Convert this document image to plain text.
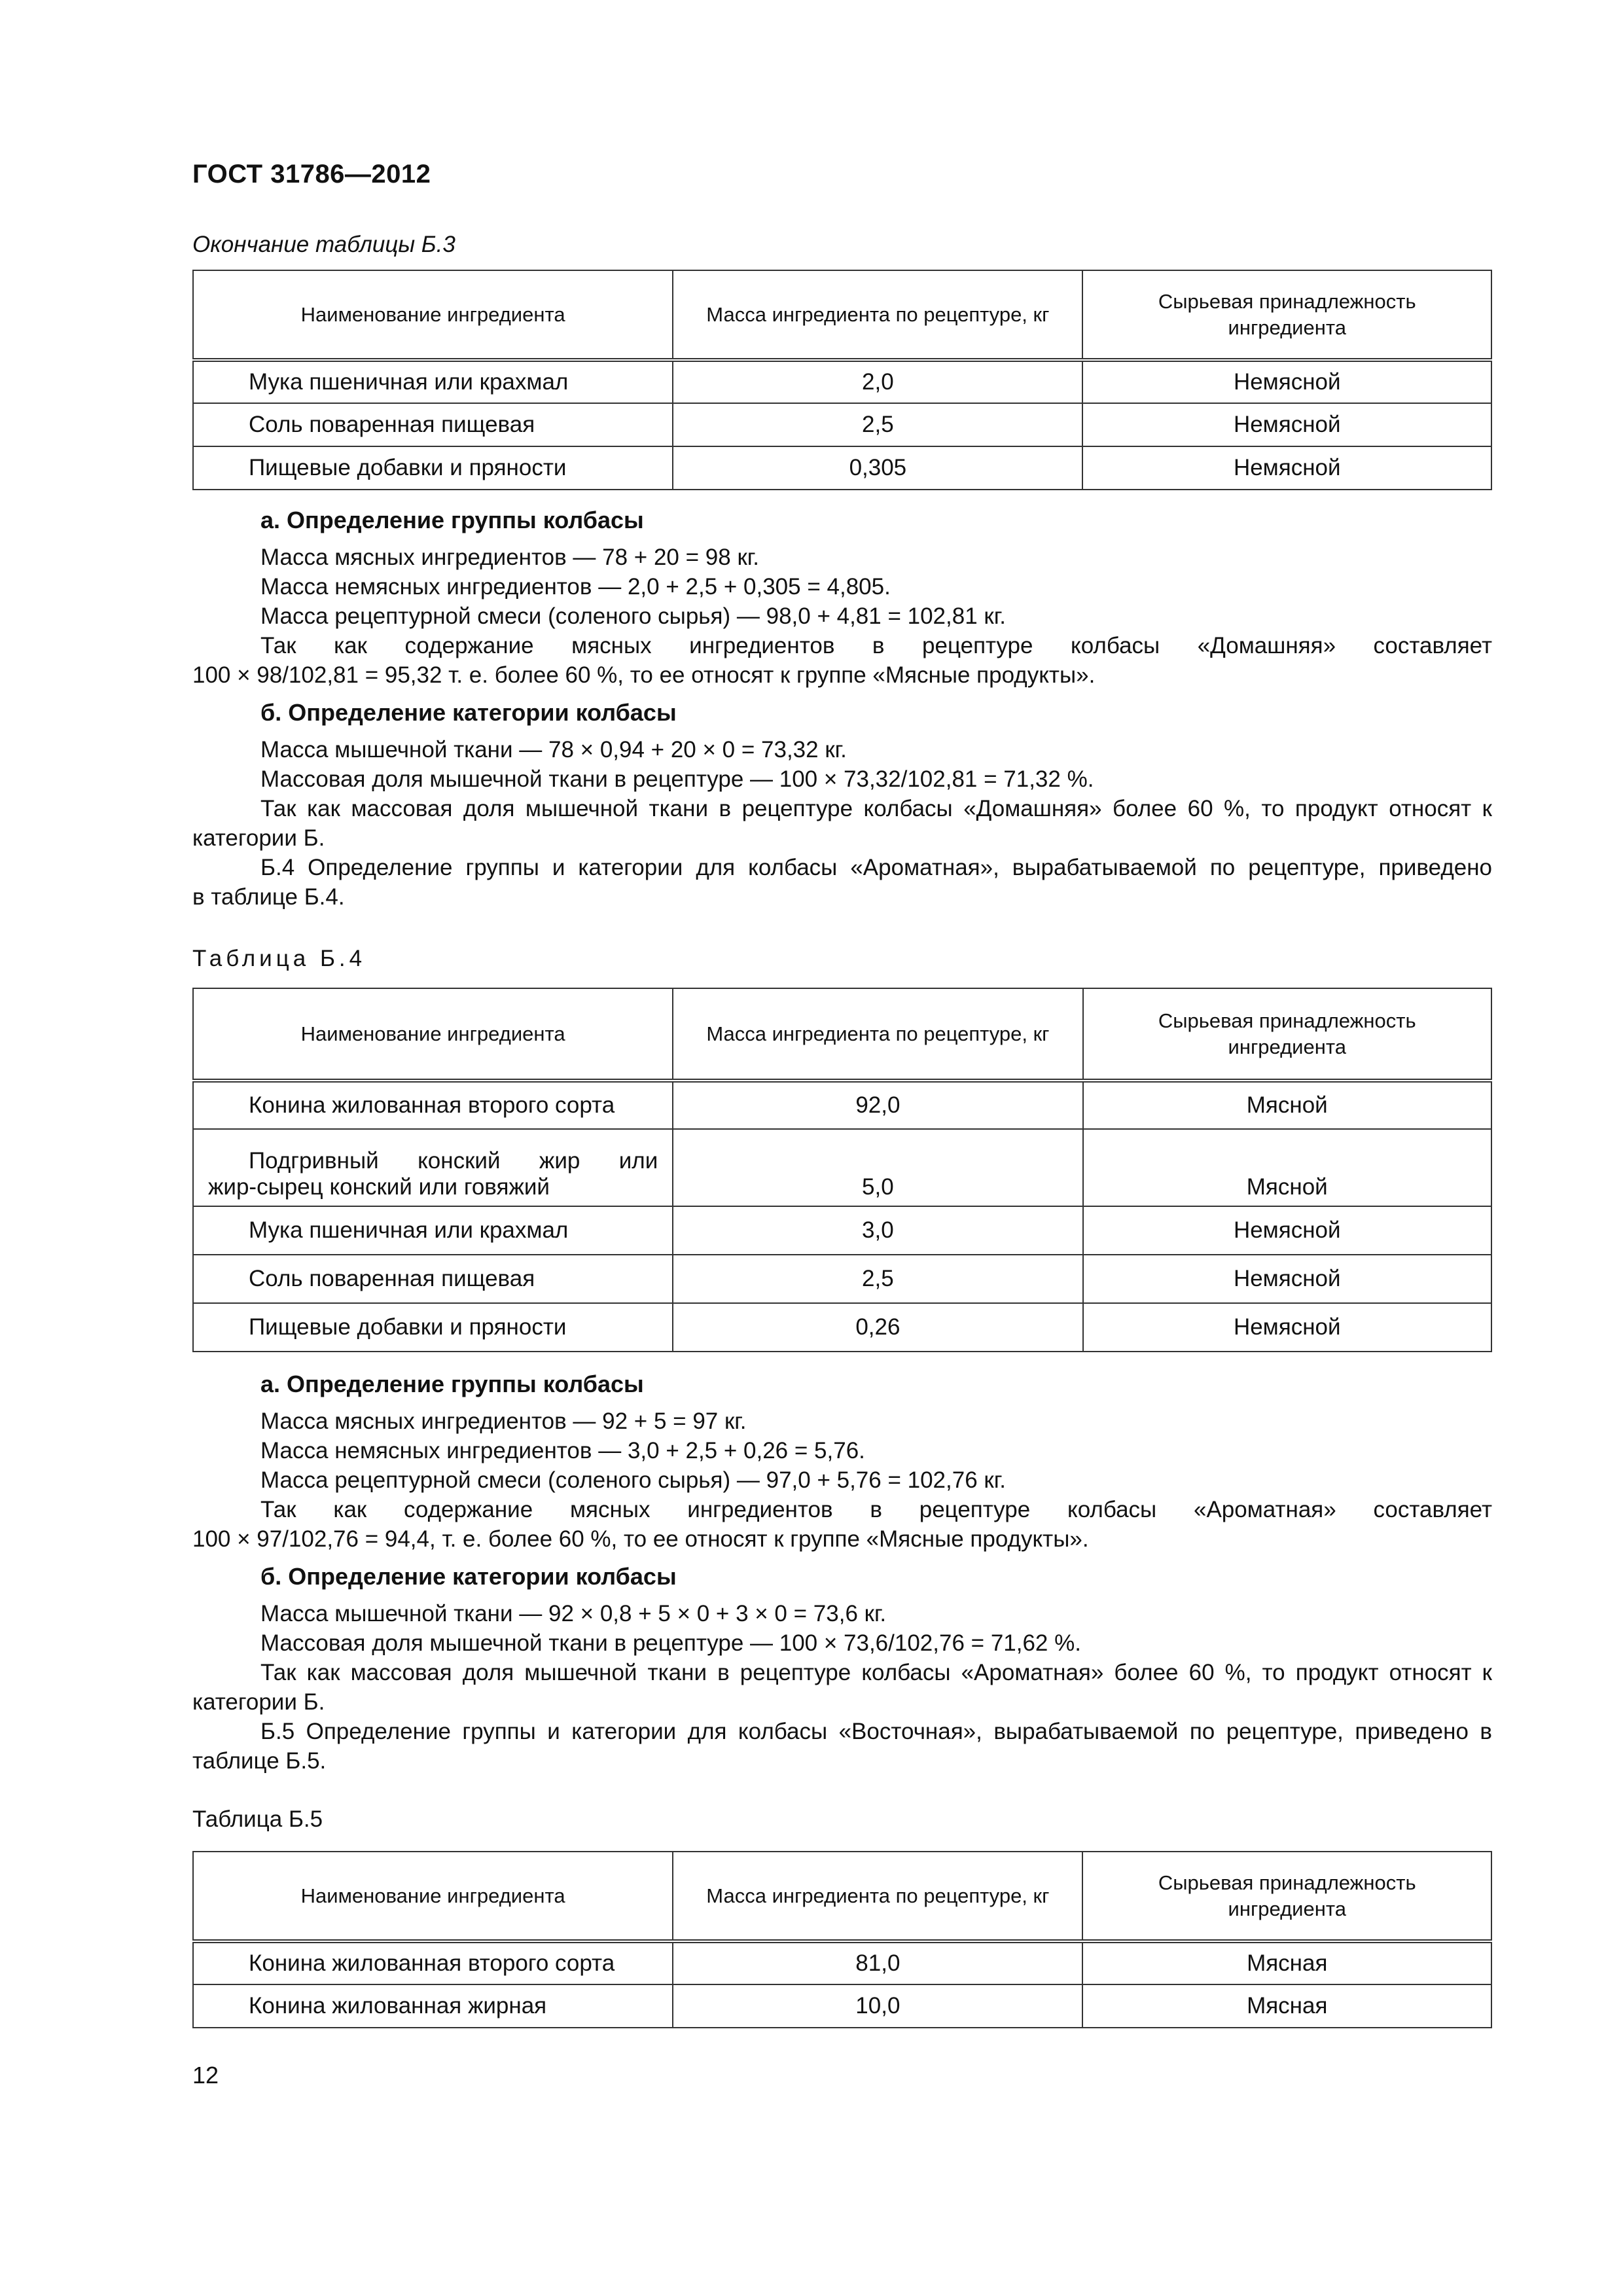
ГОСТ 31786—2012
Окончание таблицы Б.3
Наименование ингредиента	Масса ингредиента по рецептуре, кг	Сырьевая принадлежность ингредиента
Мука пшеничная или крахмал	2,0	Немясной
Соль поваренная пищевая	2,5	Немясной
Пищевые добавки и пряности	0,305	Немясной

а. Определение группы колбасы

Масса мясных ингредиентов — 78 + 20 = 98 кг.

Масса немясных ингредиентов — 2,0 + 2,5 + 0,305 = 4,805.

Масса рецептурной смеси (соленого сырья) — 98,0 + 4,81 = 102,81 кг.

Так как содержание мясных ингредиентов в рецептуре колбасы «Домашняя» составляет

100 × 98/102,81 = 95,32 т. е. более 60 %, то ее относят к группе «Мясные продукты».

б. Определение категории колбасы

Масса мышечной ткани — 78 × 0,94 + 20 × 0 = 73,32 кг.

Массовая доля мышечной ткани в рецептуре — 100 × 73,32/102,81 = 71,32 %.

Так как массовая доля мышечной ткани в рецептуре колбасы «Домашняя» более 60 %, то продукт относят к

категории Б.

Б.4 Определение группы и категории для колбасы «Ароматная», вырабатываемой по рецептуре, приведено

в таблице Б.4.

Таблица Б.4
Наименование ингредиента	Масса ингредиента по рецептуре, кг	Сырьевая принадлежность ингредиента
Конина жилованная второго сорта	92,0	Мясной

Подгривный конский жир или
жир-сырец конский или говяжий	5,0	Мясной
Мука пшеничная или крахмал	3,0	Немясной
Соль поваренная пищевая	2,5	Немясной
Пищевые добавки и пряности	0,26	Немясной

а. Определение группы колбасы

Масса мясных ингредиентов — 92 + 5 = 97 кг.

Масса немясных ингредиентов — 3,0 + 2,5 + 0,26 = 5,76.

Масса рецептурной смеси (соленого сырья) — 97,0 + 5,76 = 102,76 кг.

Так как содержание мясных ингредиентов в рецептуре колбасы «Ароматная» составляет

100 × 97/102,76 = 94,4, т. е. более 60 %, то ее относят к группе «Мясные продукты».

б. Определение категории колбасы

Масса мышечной ткани — 92 × 0,8 + 5 × 0 + 3 × 0 = 73,6 кг.

Массовая доля мышечной ткани в рецептуре — 100 × 73,6/102,76 = 71,62 %.

Так как массовая доля мышечной ткани в рецептуре колбасы «Ароматная» более 60 %, то продукт относят к

категории Б.

Б.5 Определение группы и категории для колбасы «Восточная», вырабатываемой по рецептуре, приведено в

таблице Б.5.

Таблица Б.5
Наименование ингредиента	Масса ингредиента по рецептуре, кг	Сырьевая принадлежность ингредиента
Конина жилованная второго сорта	81,0	Мясная
Конина жилованная жирная	10,0	Мясная
12
